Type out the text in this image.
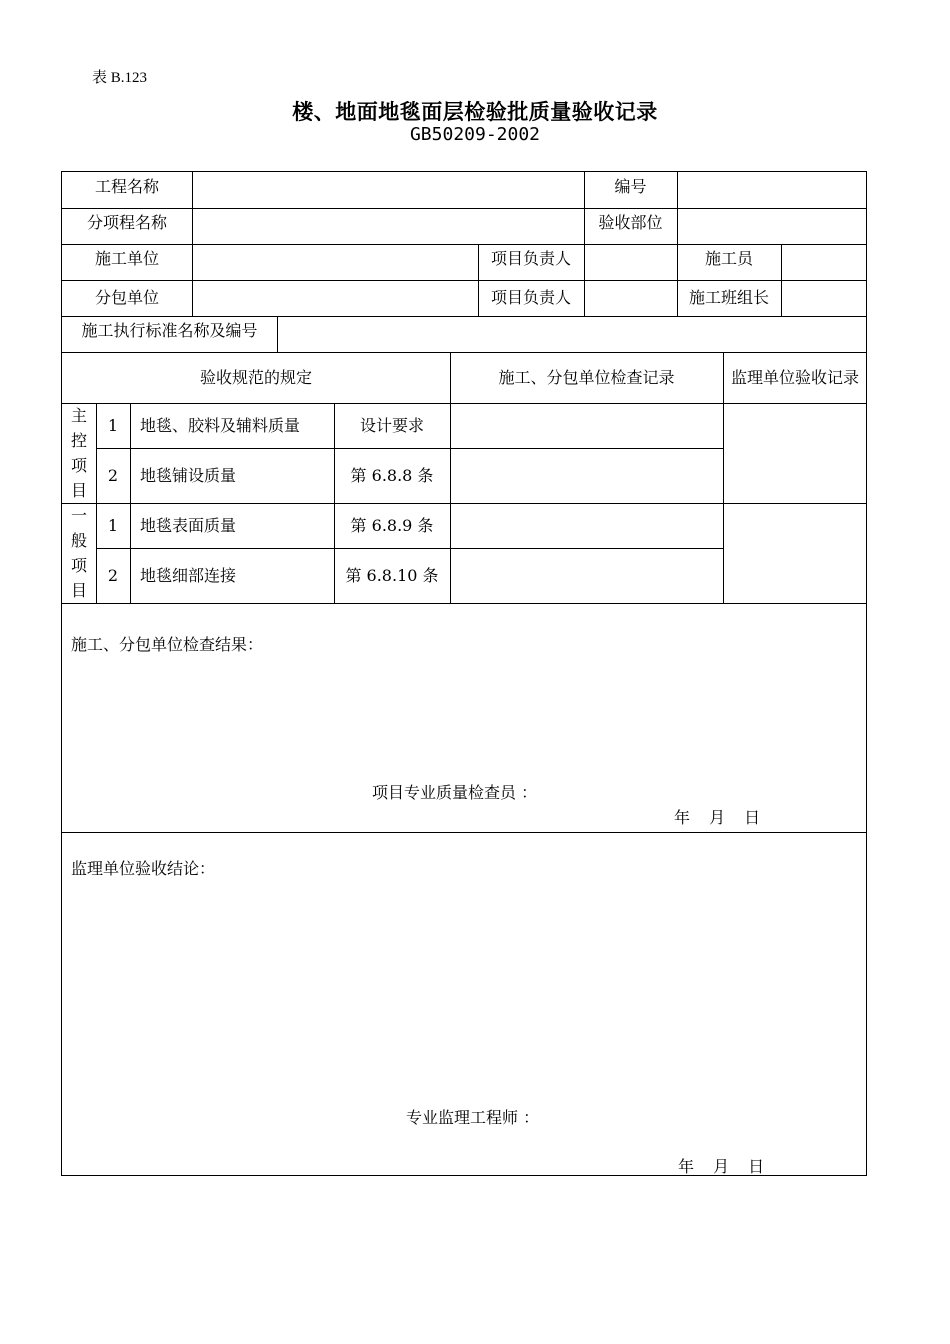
表 B.123
楼、地面地毯面层检验批质量验收记录
GB50209-2002
工程名称	编号
分项程名称	验收部位
施工单位	项目负责人	施工员
分包单位	项目负责人	施工班组长
施工执行标准名称及编号
验收规范的规定	施工、分包单位检查记录	监理单位验收记录
主控项目
1	地毯、胶料及辅料质量	设计要求
2	地毯铺设质量	第 6.8.8 条
一般项目
1	地毯表面质量	第 6.8.9 条
2	地毯细部连接	第 6.8.10 条
施工、分包单位检查结果：
项目专业质量检查员 ：
年 月 日
监理单位验收结论：
专业监理工程师 ：
年 月 日
